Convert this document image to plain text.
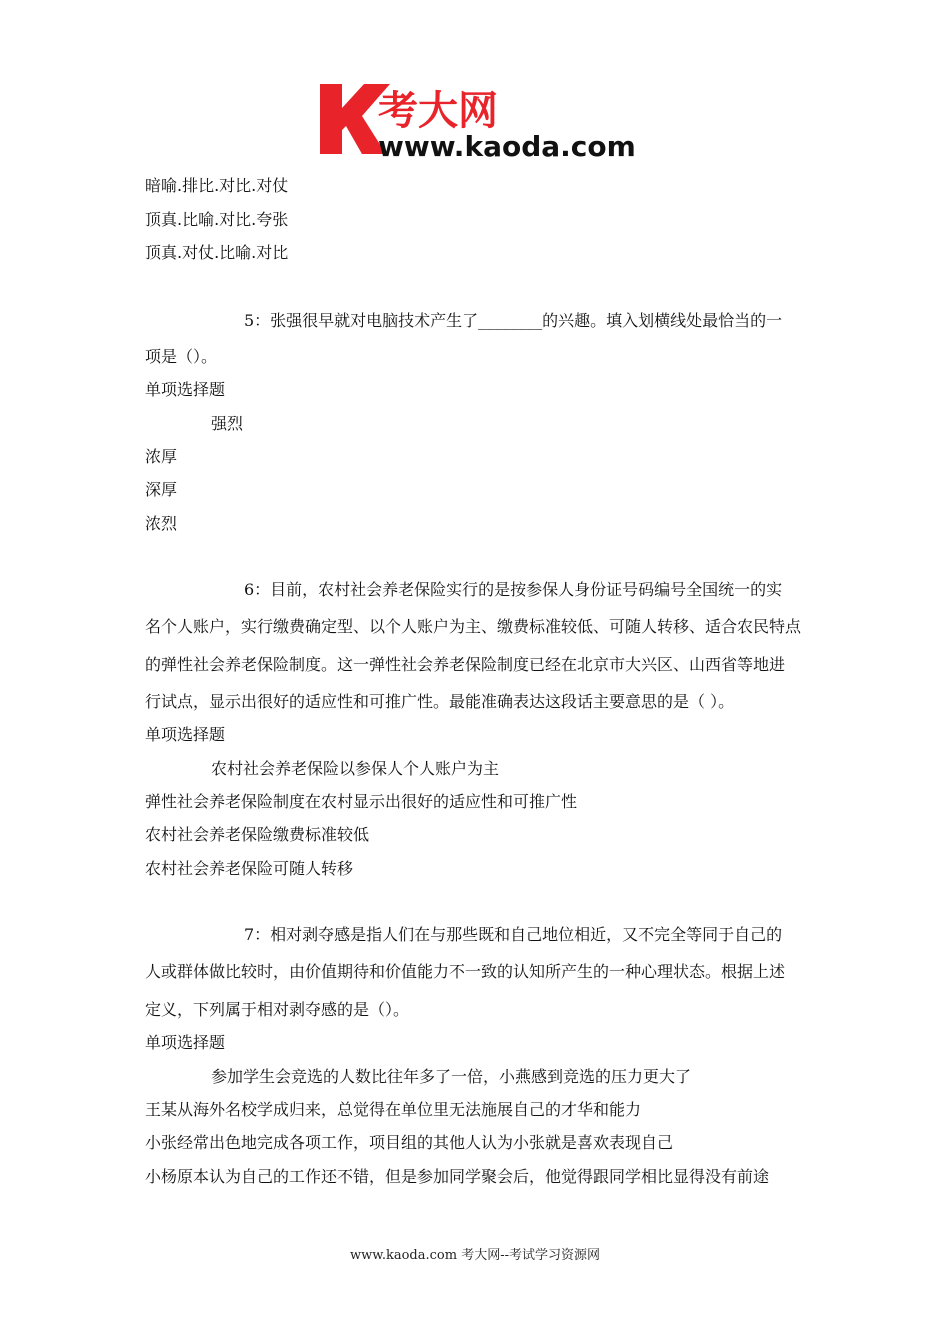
考大网
www.kaoda.com
暗喻.排比.对比.对仗
顶真.比喻.对比.夸张
顶真.对仗.比喻.对比
5：张强很早就对电脑技术产生了________的兴趣。填入划横线处最恰当的一
项是（）。
单项选择题
强烈
浓厚
深厚
浓烈
6：目前，农村社会养老保险实行的是按参保人身份证号码编号全国统一的实
名个人账户，实行缴费确定型、以个人账户为主、缴费标准较低、可随人转移、适合农民特点
的弹性社会养老保险制度。这一弹性社会养老保险制度已经在北京市大兴区、山西省等地进
行试点，显示出很好的适应性和可推广性。最能准确表达这段话主要意思的是（ ）。
单项选择题
农村社会养老保险以参保人个人账户为主
弹性社会养老保险制度在农村显示出很好的适应性和可推广性
农村社会养老保险缴费标准较低
农村社会养老保险可随人转移
7：相对剥夺感是指人们在与那些既和自己地位相近，又不完全等同于自己的
人或群体做比较时，由价值期待和价值能力不一致的认知所产生的一种心理状态。根据上述
定义，下列属于相对剥夺感的是（）。
单项选择题
参加学生会竞选的人数比往年多了一倍，小燕感到竞选的压力更大了
王某从海外名校学成归来，总觉得在单位里无法施展自己的才华和能力
小张经常出色地完成各项工作，项目组的其他人认为小张就是喜欢表现自己
小杨原本认为自己的工作还不错，但是参加同学聚会后，他觉得跟同学相比显得没有前途
www.kaoda.com 考大网--考试学习资源网
